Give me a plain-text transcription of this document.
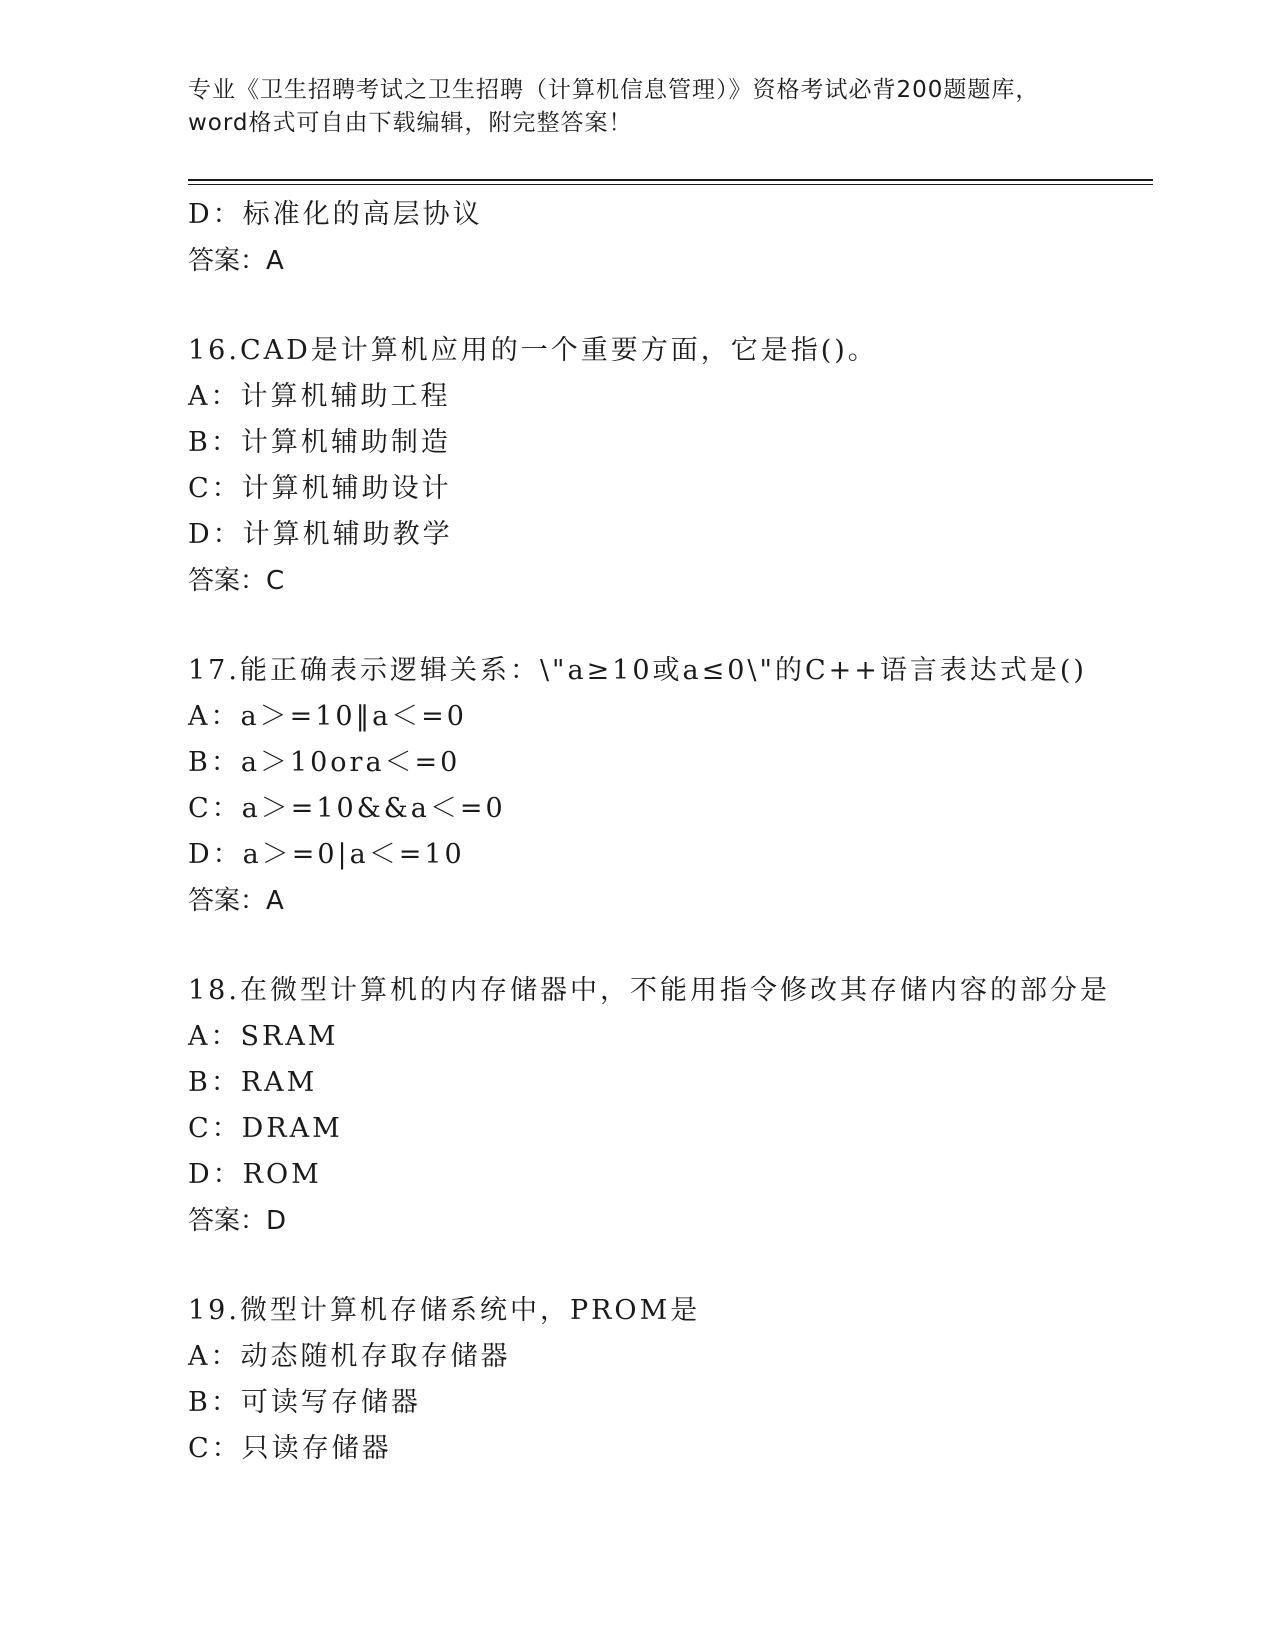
专业《卫生招聘考试之卫生招聘（计算机信息管理）》资格考试必背200题题库，
word格式可自由下载编辑，附完整答案！
D：标准化的高层协议
答案：A
16.CAD是计算机应用的一个重要方面，它是指()。
A：计算机辅助工程
B：计算机辅助制造
C：计算机辅助设计
D：计算机辅助教学
答案：C
17.能正确表示逻辑关系：\"a≥10或a≤0\"的C++语言表达式是()
A：a＞=10‖a＜=0
B：a＞10ora＜=0
C：a＞=10&&a＜=0
D：a＞=0|a＜=10
答案：A
18.在微型计算机的内存储器中，不能用指令修改其存储内容的部分是
A：SRAM
B：RAM
C：DRAM
D：ROM
答案：D
19.微型计算机存储系统中，PROM是
A：动态随机存取存储器
B：可读写存储器
C：只读存储器
